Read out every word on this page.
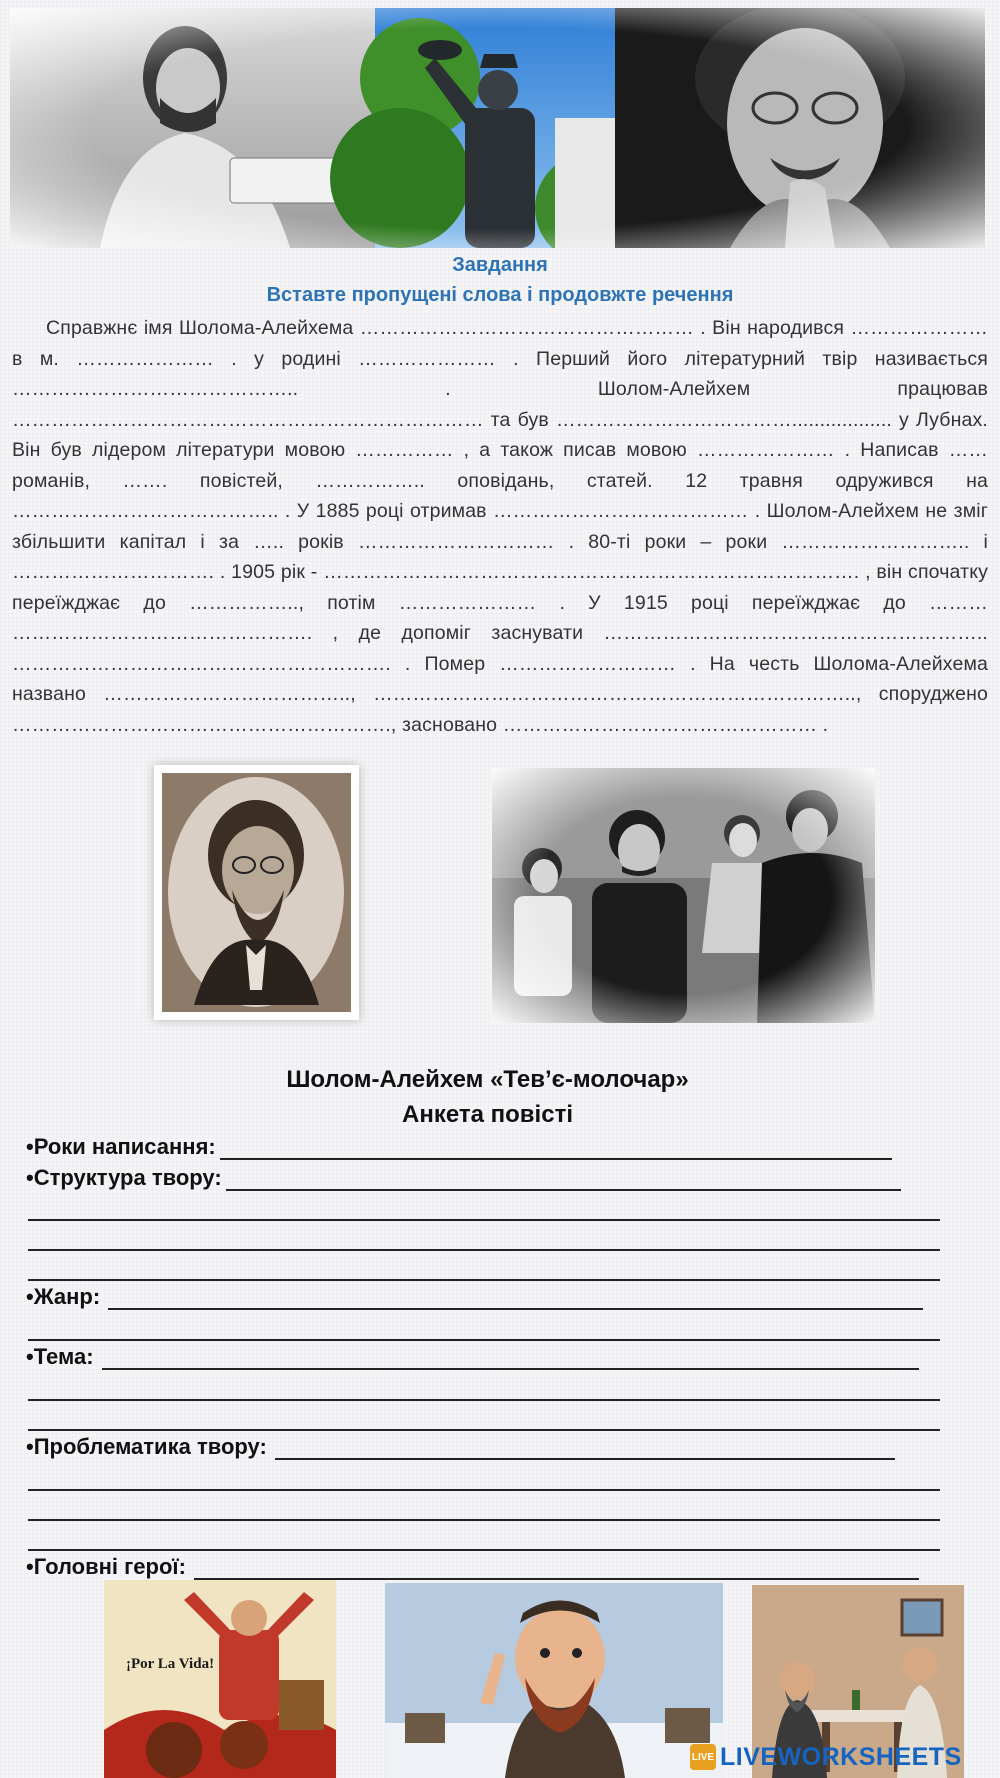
Завдання
Вставте пропущені слова і продовжте речення

Справжнє імя Шолома-Алейхема …………………………………………… . Він народився ………………… в м. ………………… . у родині ………………… . Перший його літературний твір називається …………………………………….. . Шолом-Алейхем працював ……………………………………………………………… та був ……………………………….................. у Лубнах. Він був лідером літератури мовою …………… , а також писав мовою ………………… . Написав …… романів, ……. повістей, …………….. оповідань, статей. 12 травня одружився на ………………………………….. . У 1885 році отримав ………………………………… . Шолом-Алейхем не зміг збільшити капітал і за ….. років ………………………… . 80-ті роки – роки ……………………….. і …………………………. . 1905 рік - ………………………………………………………………………. , він спочатку переїжджає до …………….., потім ………………… . У 1915 році переїжджає до ……… ………………………………………. , де допоміг заснувати ………………………………………………….. …………………………………………………. . Помер ……………………… . На честь Шолома-Алейхема названо ……………………………….., ……………………………………………………………….., споруджено …………………………………………………., засновано ………………………………………… .

Шолом-Алейхем «Тев’є-молочар»
Анкета повісті
•Роки написання:
•Структура твору:
•Жанр:
•Тема:
•Проблематика твору:
•Головні герої:
¡Por La Vida!
LIVE LIVEWORKSHEETS
